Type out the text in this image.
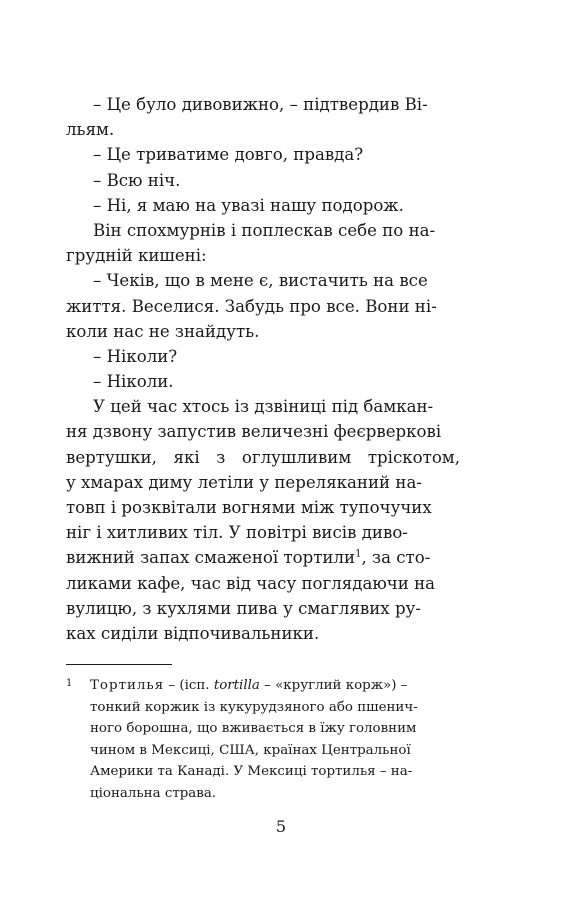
– Це було дивовижно, – підтвердив Ві-
льям.
– Це триватиме довго, правда?
– Всю ніч.
– Ні, я маю на увазі нашу подорож.
Він спохмурнів і поплескав себе по на-
грудній кишені:
– Чеків, що в мене є, вистачить на все
життя. Веселися. Забудь про все. Вони ні-
коли нас не знайдуть.
– Ніколи?
– Ніколи.
У цей час хтось із дзвіниці під бамкан-
ня дзвону запустив величезні феєрверкові
вертушки, які з оглушливим тріскотом,
у хмарах диму летіли у переляканий на-
товп і розквітали вогнями між тупочучих
ніг і хитливих тіл. У повітрі висів диво-
вижний запах смаженої тортили$^1$, за сто-
ликами кафе, час від часу поглядаючи на
вулицю, з кухлями пива у смаглявих ру-
ках сиділи відпочивальники.
1 Тортилья – (ісп. tortilla – «круглий корж») –
тонкий коржик із кукурудзяного або пшенич-
ного борошна, що вживається в їжу головним
чином в Мексиці, США, країнах Центральної
Америки та Канаді. У Мексиці тортилья – на-
ціональна страва.
5
